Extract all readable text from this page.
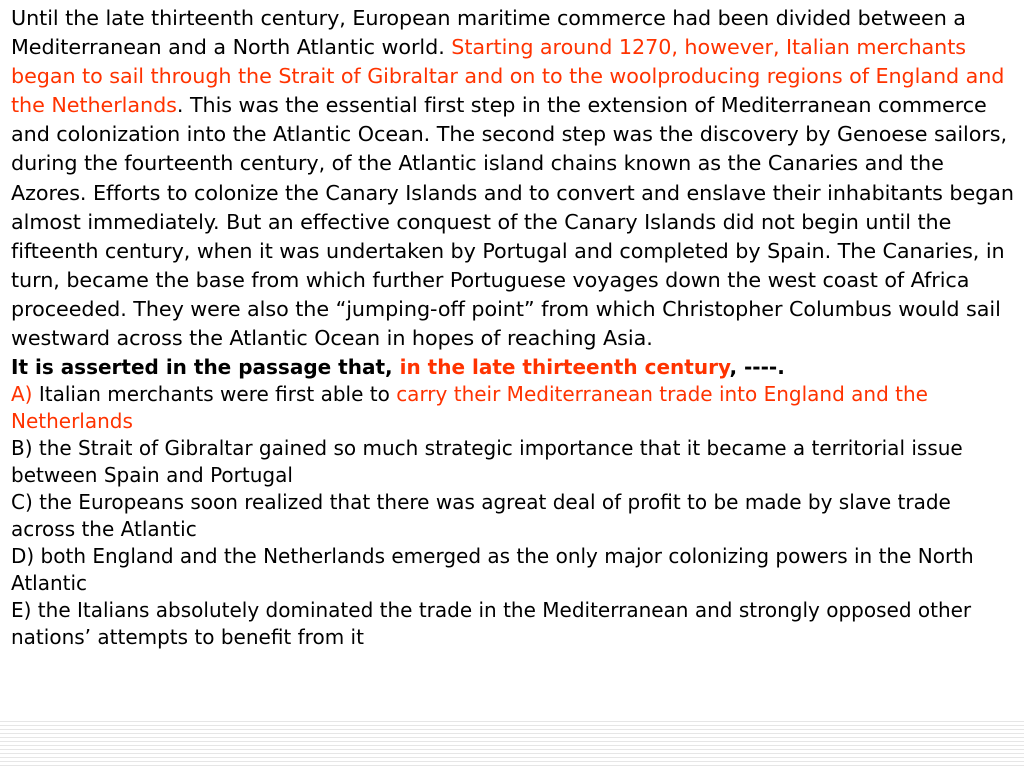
Until the late thirteenth century, European maritime commerce had been divided between a Mediterranean and a North Atlantic world. Starting around 1270, however, Italian merchants began to sail through the Strait of Gibraltar and on to the woolproducing regions of England and the Netherlands. This was the essential first step in the extension of Mediterranean commerce and colonization into the Atlantic Ocean. The second step was the discovery by Genoese sailors, during the fourteenth century, of the Atlantic island chains known as the Canaries and the Azores. Efforts to colonize the Canary Islands and to convert and enslave their inhabitants began almost immediately. But an effective conquest of the Canary Islands did not begin until the fifteenth century, when it was undertaken by Portugal and completed by Spain. The Canaries, in turn, became the base from which further Portuguese voyages down the west coast of Africa proceeded. They were also the “jumping-off point” from which Christopher Columbus would sail westward across the Atlantic Ocean in hopes of reaching Asia.

It is asserted in the passage that, in the late thirteenth century, ----.

A) Italian merchants were first able to carry their Mediterranean trade into England and the Netherlands

B) the Strait of Gibraltar gained so much strategic importance that it became a territorial issue between Spain and Portugal

C) the Europeans soon realized that there was agreat deal of profit to be made by slave trade across the Atlantic

D) both England and the Netherlands emerged as the only major colonizing powers in the North Atlantic

E) the Italians absolutely dominated the trade in the Mediterranean and strongly opposed other nations’ attempts to benefit from it
